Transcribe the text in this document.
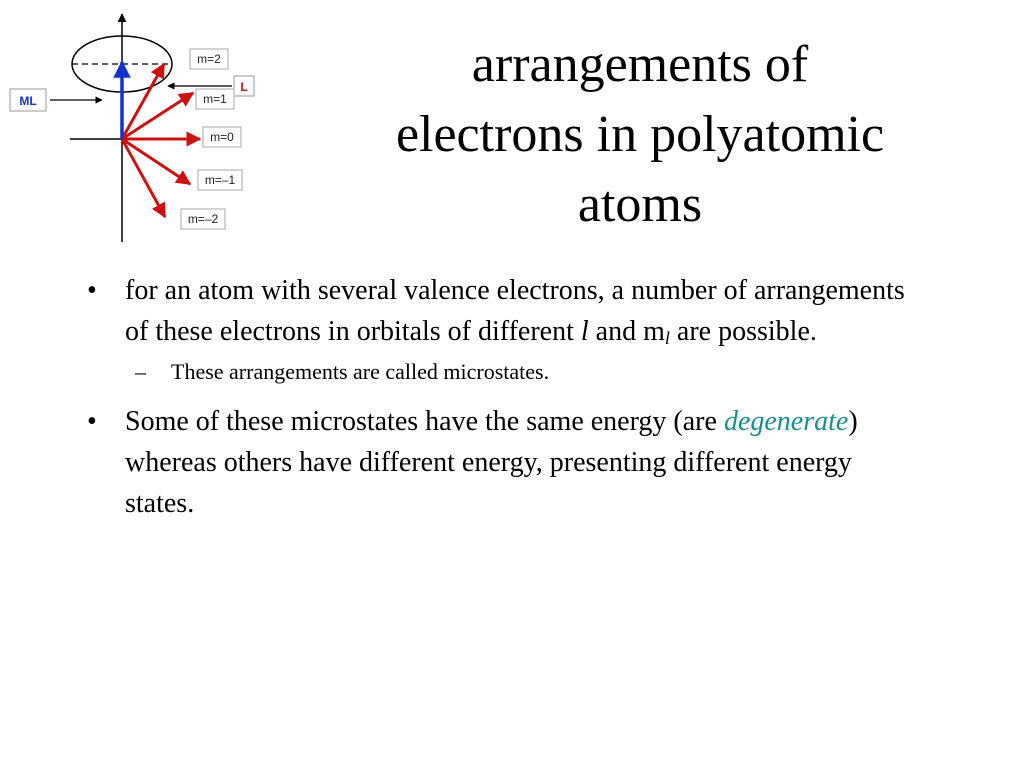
ML
L
m=2
m=1
m=0
m=–1
m=–2
arrangements of
electrons in polyatomic
atoms
• for an atom with several valence electrons, a number of arrangements of these electrons in orbitals of different l and $m_l$ are possible.
– These arrangements are called microstates.
• Some of these microstates have the same energy (are degenerate) whereas others have different energy, presenting different energy states.
